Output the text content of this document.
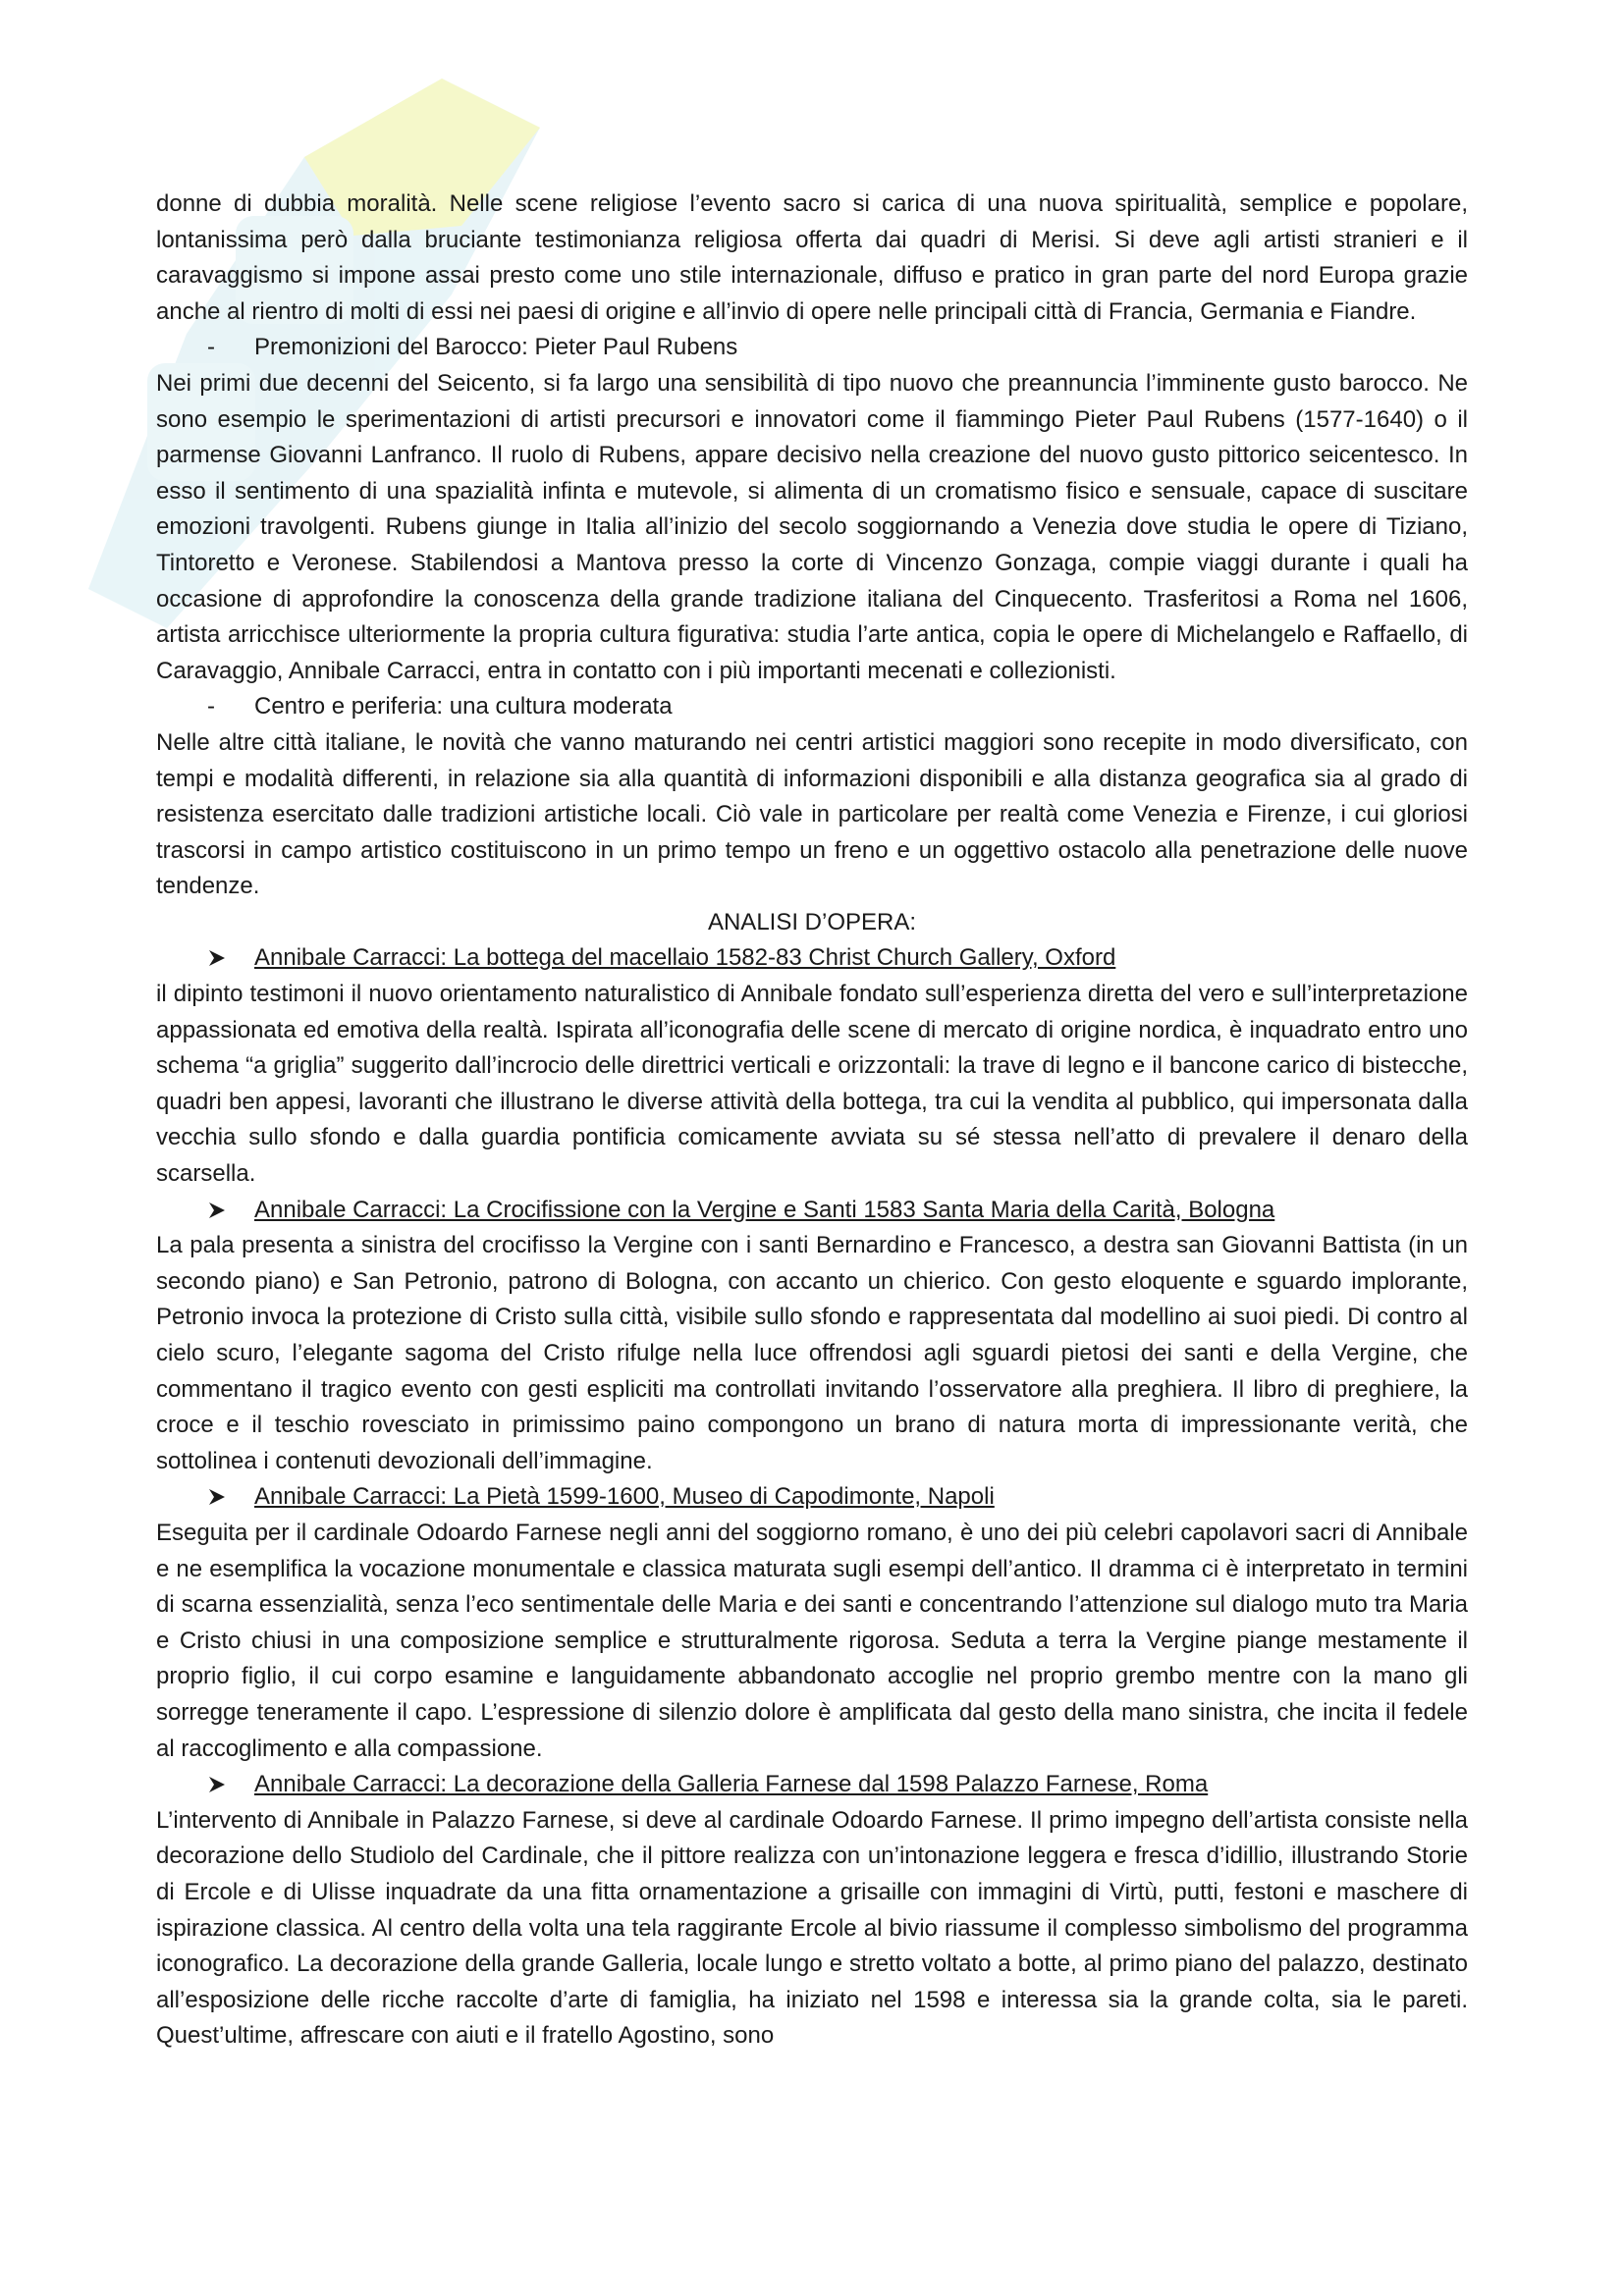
donne di dubbia moralità. Nelle scene religiose l’evento sacro si carica di una nuova spiritualità, semplice e popolare, lontanissima però dalla bruciante testimonianza religiosa offerta dai quadri di Merisi. Si deve agli artisti stranieri e il caravaggismo si impone assai presto come uno stile internazionale, diffuso e pratico in gran parte del nord Europa grazie anche al rientro di molti di essi nei paesi di origine e all’invio di opere nelle principali città di Francia, Germania e Fiandre.

-	Premonizioni del Barocco: Pieter Paul Rubens

Nei primi due decenni del Seicento, si fa largo una sensibilità di tipo nuovo che preannuncia l’imminente gusto barocco. Ne sono esempio le sperimentazioni di artisti precursori e innovatori come il fiammingo Pieter Paul Rubens (1577-1640) o il parmense Giovanni Lanfranco. Il ruolo di Rubens, appare decisivo nella creazione del nuovo gusto pittorico seicentesco. In esso il sentimento di una spazialità infinta e mutevole, si alimenta di un cromatismo fisico e sensuale, capace di suscitare emozioni travolgenti. Rubens giunge in Italia all’inizio del secolo soggiornando a Venezia dove studia le opere di Tiziano, Tintoretto e Veronese. Stabilendosi a Mantova presso la corte di Vincenzo Gonzaga, compie viaggi durante i quali ha occasione di approfondire la conoscenza della grande tradizione italiana del Cinquecento. Trasferitosi a Roma nel 1606, artista arricchisce ulteriormente la propria cultura figurativa: studia l’arte antica, copia le opere di Michelangelo e Raffaello, di Caravaggio, Annibale Carracci, entra in contatto con i più importanti mecenati e collezionisti.

-	Centro e periferia: una cultura moderata

Nelle altre città italiane, le novità che vanno maturando nei centri artistici maggiori sono recepite in modo diversificato, con tempi e modalità differenti, in relazione sia alla quantità di informazioni disponibili e alla distanza geografica sia al grado di resistenza esercitato dalle tradizioni artistiche locali. Ciò vale in particolare per realtà come Venezia e Firenze, i cui gloriosi trascorsi in campo artistico costituiscono in un primo tempo un freno e un oggettivo ostacolo alla penetrazione delle nuove tendenze.

ANALISI D’OPERA:

Annibale Carracci: La bottega del macellaio 1582-83 Christ Church Gallery, Oxford

il dipinto testimoni il nuovo orientamento naturalistico di Annibale fondato sull’esperienza diretta del vero e sull’interpretazione appassionata ed emotiva della realtà. Ispirata all’iconografia delle scene di mercato di origine nordica, è inquadrato entro uno schema “a griglia” suggerito dall’incrocio delle direttrici verticali e orizzontali: la trave di legno e il bancone carico di bistecche, quadri ben appesi, lavoranti che illustrano le diverse attività della bottega, tra cui la vendita al pubblico, qui impersonata dalla vecchia sullo sfondo e dalla guardia pontificia comicamente avviata su sé stessa nell’atto di prevalere il denaro della scarsella.

Annibale Carracci: La Crocifissione con la Vergine e Santi 1583 Santa Maria della Carità, Bologna

La pala presenta a sinistra del crocifisso la Vergine con i santi Bernardino e Francesco, a destra san Giovanni Battista (in un secondo piano) e San Petronio, patrono di Bologna, con accanto un chierico. Con gesto eloquente e sguardo implorante, Petronio invoca la protezione di Cristo sulla città, visibile sullo sfondo e rappresentata dal modellino ai suoi piedi. Di contro al cielo scuro, l’elegante sagoma del Cristo rifulge nella luce offrendosi agli sguardi pietosi dei santi e della Vergine, che commentano il tragico evento con gesti espliciti ma controllati invitando l’osservatore alla preghiera. Il libro di preghiere, la croce e il teschio rovesciato in primissimo paino compongono un brano di natura morta di impressionante verità, che sottolinea i contenuti devozionali dell’immagine.

Annibale Carracci: La Pietà 1599-1600, Museo di Capodimonte, Napoli

Eseguita per il cardinale Odoardo Farnese negli anni del soggiorno romano, è uno dei più celebri capolavori sacri di Annibale e ne esemplifica la vocazione monumentale e classica maturata sugli esempi dell’antico. Il dramma ci è interpretato in termini di scarna essenzialità, senza l’eco sentimentale delle Maria e dei santi e concentrando l’attenzione sul dialogo muto tra Maria e Cristo chiusi in una composizione semplice e strutturalmente rigorosa. Seduta a terra la Vergine piange mestamente il proprio figlio, il cui corpo esamine e languidamente abbandonato accoglie nel proprio grembo mentre con la mano gli sorregge teneramente il capo. L’espressione di silenzio dolore è amplificata dal gesto della mano sinistra, che incita il fedele al raccoglimento e alla compassione.

Annibale Carracci: La decorazione della Galleria Farnese dal 1598 Palazzo Farnese, Roma

L’intervento di Annibale in Palazzo Farnese, si deve al cardinale Odoardo Farnese. Il primo impegno dell’artista consiste nella decorazione dello Studiolo del Cardinale, che il pittore realizza con un’intonazione leggera e fresca d’idillio, illustrando Storie di Ercole e di Ulisse inquadrate da una fitta ornamentazione a grisaille con immagini di Virtù, putti, festoni e maschere di ispirazione classica. Al centro della volta una tela raggirante Ercole al bivio riassume il complesso simbolismo del programma iconografico. La decorazione della grande Galleria, locale lungo e stretto voltato a botte, al primo piano del palazzo, destinato all’esposizione delle ricche raccolte d’arte di famiglia, ha iniziato nel 1598 e interessa sia la grande colta, sia le pareti. Quest’ultime, affrescare con aiuti e il fratello Agostino, sono
